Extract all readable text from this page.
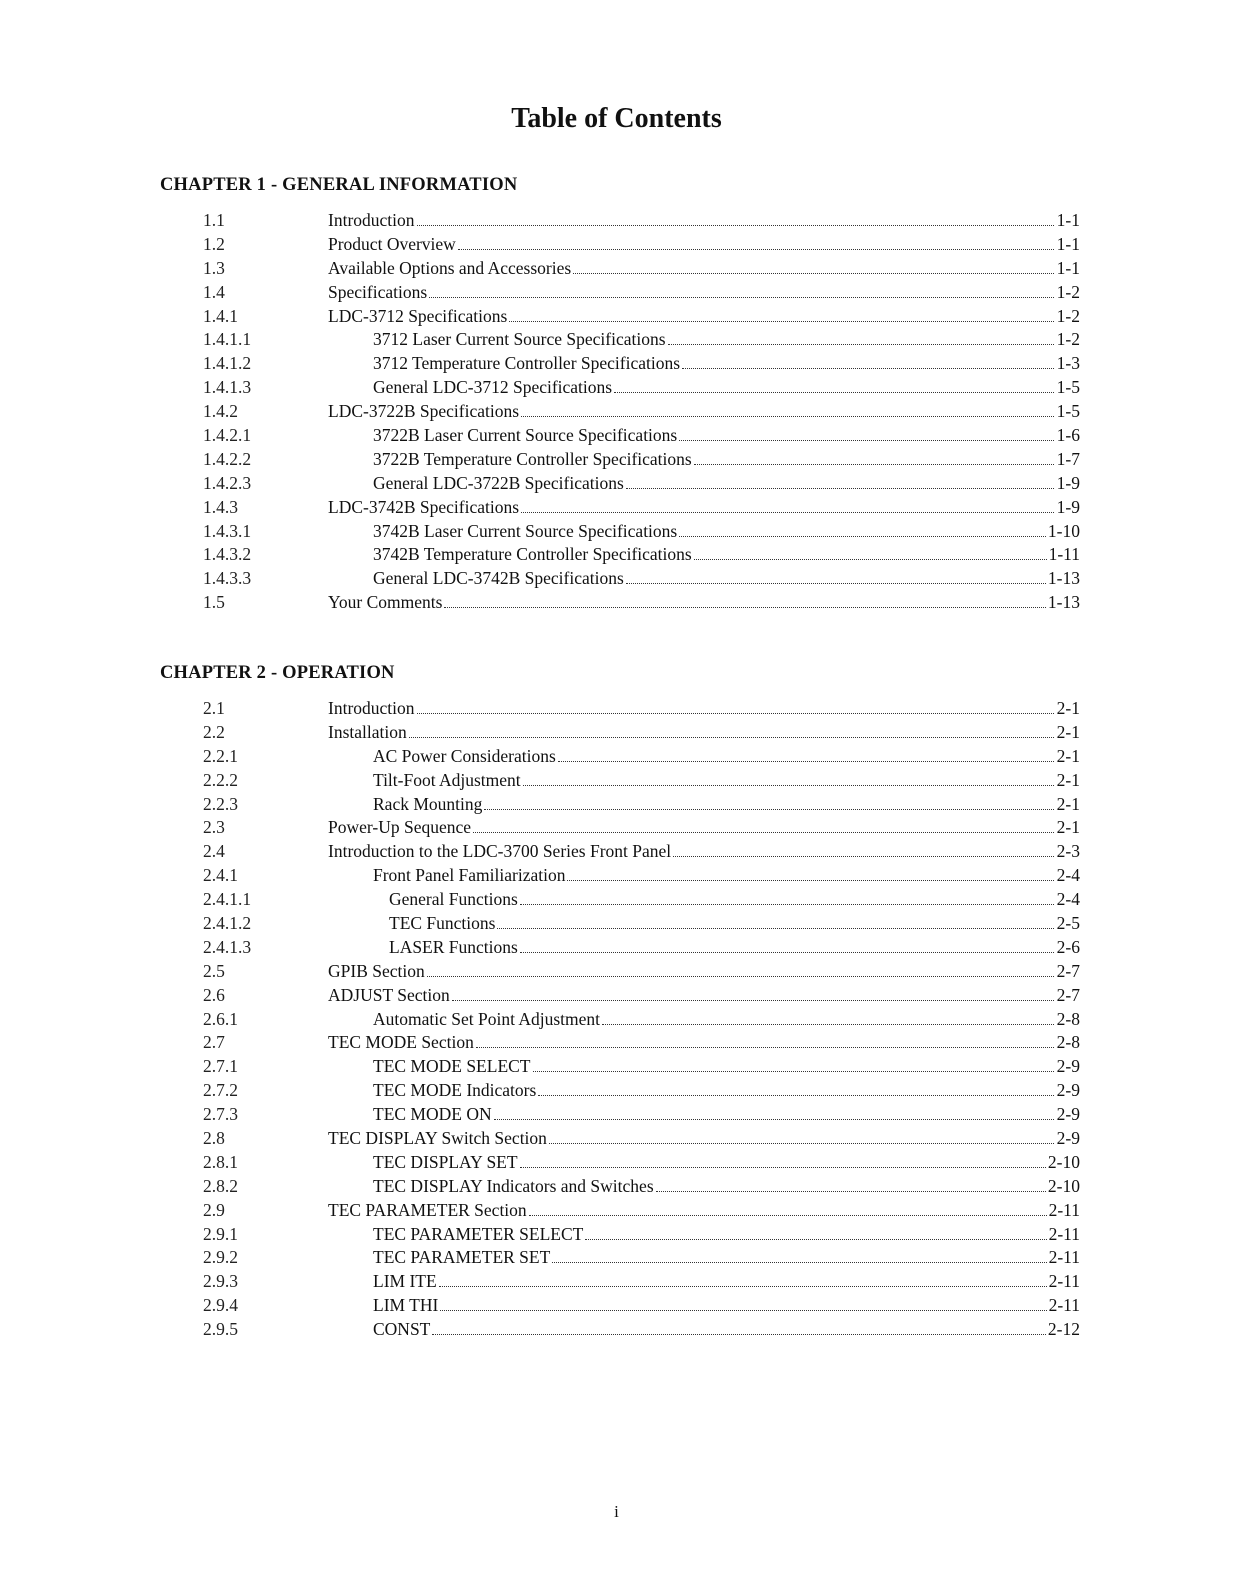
Table of Contents
CHAPTER 1 - GENERAL INFORMATION
1.1	Introduction	1-1
1.2	Product Overview	1-1
1.3	Available Options and Accessories	1-1
1.4	Specifications	1-2
1.4.1	LDC-3712 Specifications	1-2
1.4.1.1	3712 Laser Current Source Specifications	1-2
1.4.1.2	3712 Temperature Controller Specifications	1-3
1.4.1.3	General LDC-3712 Specifications	1-5
1.4.2	LDC-3722B Specifications	1-5
1.4.2.1	3722B Laser Current Source Specifications	1-6
1.4.2.2	3722B Temperature Controller Specifications	1-7
1.4.2.3	General LDC-3722B Specifications	1-9
1.4.3	LDC-3742B Specifications	1-9
1.4.3.1	3742B Laser Current Source Specifications	1-10
1.4.3.2	3742B Temperature Controller Specifications	1-11
1.4.3.3	General LDC-3742B Specifications	1-13
1.5	Your Comments	1-13
CHAPTER 2 - OPERATION
2.1	Introduction	2-1
2.2	Installation	2-1
2.2.1	AC Power Considerations	2-1
2.2.2	Tilt-Foot Adjustment	2-1
2.2.3	Rack Mounting	2-1
2.3	Power-Up Sequence	2-1
2.4	Introduction to the LDC-3700 Series Front Panel	2-3
2.4.1	Front Panel Familiarization	2-4
2.4.1.1	General Functions	2-4
2.4.1.2	TEC Functions	2-5
2.4.1.3	LASER Functions	2-6
2.5	GPIB Section	2-7
2.6	ADJUST Section	2-7
2.6.1	Automatic Set Point Adjustment	2-8
2.7	TEC MODE Section	2-8
2.7.1	TEC MODE SELECT	2-9
2.7.2	TEC MODE Indicators	2-9
2.7.3	TEC MODE ON	2-9
2.8	TEC DISPLAY Switch Section	2-9
2.8.1	TEC DISPLAY SET	2-10
2.8.2	TEC DISPLAY Indicators and Switches	2-10
2.9	TEC PARAMETER Section	2-11
2.9.1	TEC PARAMETER SELECT	2-11
2.9.2	TEC PARAMETER SET	2-11
2.9.3	LIM ITE	2-11
2.9.4	LIM THI	2-11
2.9.5	CONST	2-12
i
